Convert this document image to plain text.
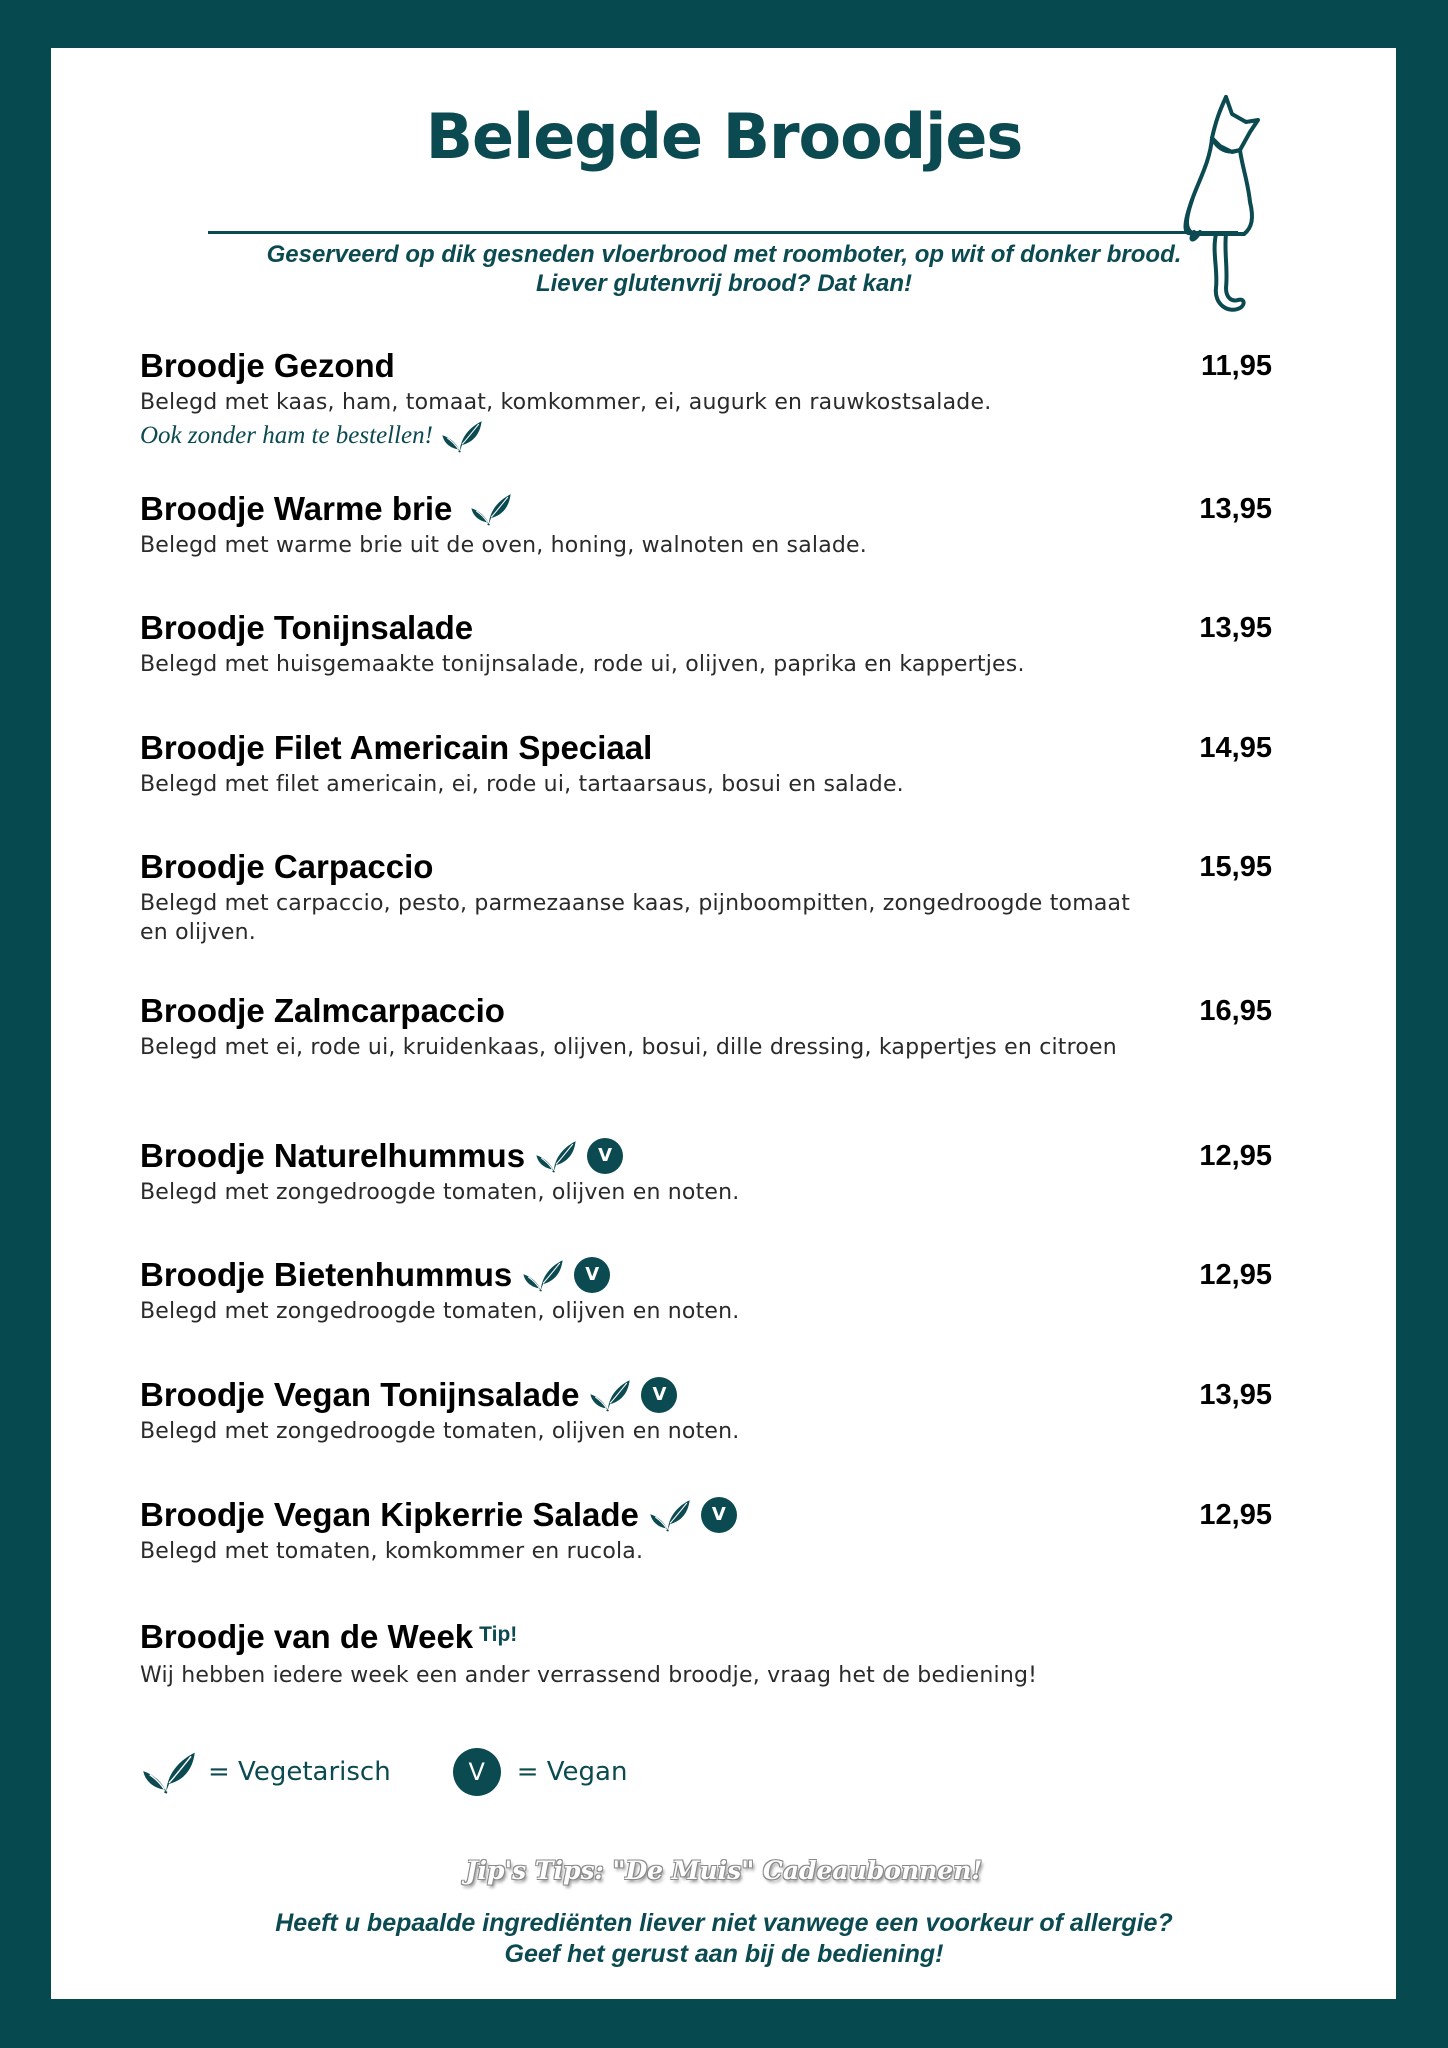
Belegde Broodjes
Geserveerd op dik gesneden vloerbrood met roomboter, op wit of donker brood.
Liever glutenvrij brood? Dat kan!
Broodje Gezond	11,95
Belegd met kaas, ham, tomaat, komkommer, ei, augurk en rauwkostsalade.
Ook zonder ham te bestellen!
Broodje Warme brie	13,95
Belegd met warme brie uit de oven, honing, walnoten en salade.
Broodje Tonijnsalade	13,95
Belegd met huisgemaakte tonijnsalade, rode ui, olijven, paprika en kappertjes.
Broodje Filet Americain Speciaal	14,95
Belegd met filet americain, ei, rode ui, tartaarsaus, bosui en salade.
Broodje Carpaccio	15,95
Belegd met carpaccio, pesto, parmezaanse kaas, pijnboompitten, zongedroogde tomaat en olijven.
Broodje Zalmcarpaccio	16,95
Belegd met ei, rode ui, kruidenkaas, olijven, bosui, dille dressing, kappertjes en citroen
Broodje Naturelhummus	V	12,95
Belegd met zongedroogde tomaten, olijven en noten.
Broodje Bietenhummus	V	12,95
Belegd met zongedroogde tomaten, olijven en noten.
Broodje Vegan Tonijnsalade	V	13,95
Belegd met zongedroogde tomaten, olijven en noten.
Broodje Vegan Kipkerrie Salade	V	12,95
Belegd met tomaten, komkommer en rucola.
Broodje van de Week Tip!
Wij hebben iedere week een ander verrassend broodje, vraag het de bediening!
= Vegetarisch	V	= Vegan
Jip's Tips: "De Muis" Cadeaubonnen!
Heeft u bepaalde ingrediënten liever niet vanwege een voorkeur of allergie?
Geef het gerust aan bij de bediening!
